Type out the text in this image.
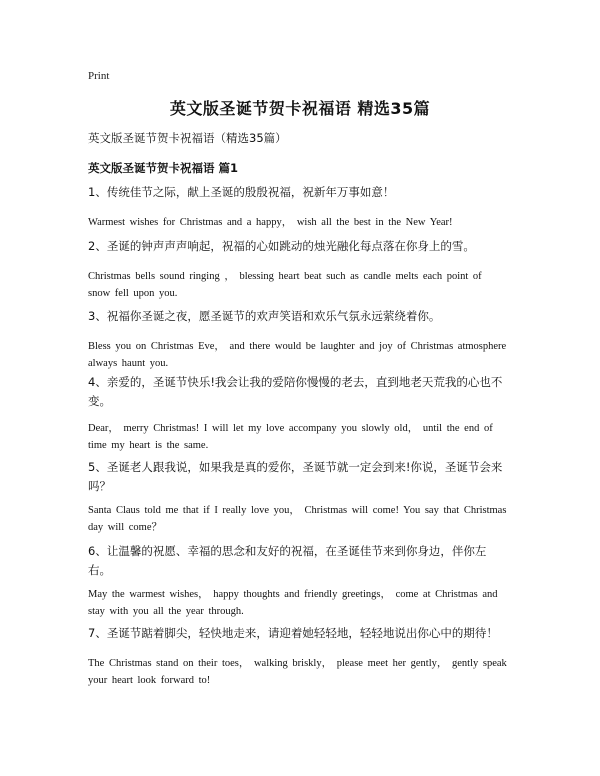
Print
英文版圣诞节贺卡祝福语 精选35篇
英文版圣诞节贺卡祝福语（精选35篇）
英文版圣诞节贺卡祝福语 篇1
1、传统佳节之际，献上圣诞的殷殷祝福，祝新年万事如意！
Warmest wishes for Christmas and a happy， wish all the best in the New Year!
2、圣诞的钟声声声响起，祝福的心如跳动的烛光融化每点落在你身上的雪。
Christmas bells sound ringing ， blessing heart beat such as candle melts each point of snow fell upon you.
3、祝福你圣诞之夜，愿圣诞节的欢声笑语和欢乐气氛永远萦绕着你。
Bless you on Christmas Eve， and there would be laughter and joy of Christmas atmosphere always haunt you.
4、亲爱的，圣诞节快乐!我会让我的爱陪你慢慢的老去，直到地老天荒我的心也不变。
Dear， merry Christmas! I will let my love accompany you slowly old， until the end of time my heart is the same.
5、圣诞老人跟我说，如果我是真的爱你，圣诞节就一定会到来!你说，圣诞节会来吗？
Santa Claus told me that if I really love you， Christmas will come! You say that Christmas day will come？
6、让温馨的祝愿、幸福的思念和友好的祝福，在圣诞佳节来到你身边，伴你左右。
May the warmest wishes， happy thoughts and friendly greetings， come at Christmas and stay with you all the year through.
7、圣诞节踮着脚尖，轻快地走来，请迎着她轻轻地，轻轻地说出你心中的期待！
The Christmas stand on their toes， walking briskly， please meet her gently， gently speak your heart look forward to!
